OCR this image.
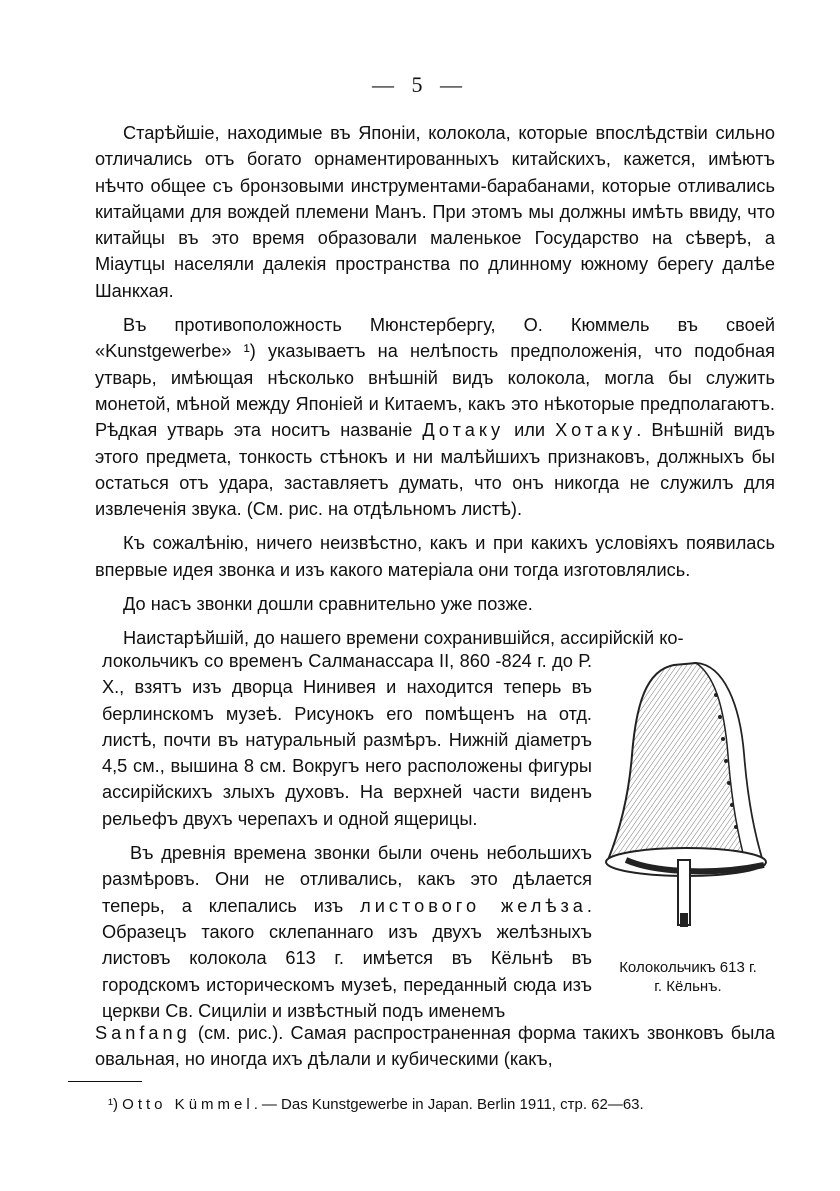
— 5 —

Старѣйшіе, находимые въ Японіи, колокола, которые впослѣдствіи сильно отличались отъ богато орнаментированныхъ китайскихъ, кажется, имѣютъ нѣчто общее съ бронзовыми инструментами-барабанами, которые отливались китайцами для вождей племени Манъ. При этомъ мы должны имѣть ввиду, что китайцы въ это время образовали маленькое Государство на сѣверѣ, а Міаутцы населяли далекія пространства по длинному южному берегу далѣе Шанкхая.

Въ противоположность Мюнстербергу, О. Кюммель въ своей «Kunstgewerbe» ¹) указываетъ на нелѣпость предположенія, что подобная утварь, имѣющая нѣсколько внѣшній видъ колокола, могла бы служить монетой, мѣной между Японіей и Китаемъ, какъ это нѣкоторые предполагаютъ. Рѣдкая утварь эта носитъ названіе Дотаку или Хотаку. Внѣшній видъ этого предмета, тонкость стѣнокъ и ни малѣйшихъ признаковъ, должныхъ бы остаться отъ удара, заставляетъ думать, что онъ никогда не служилъ для извлеченія звука. (См. рис. на отдѣльномъ листѣ).

Къ сожалѣнію, ничего неизвѣстно, какъ и при какихъ условіяхъ появилась впервые идея звонка и изъ какого матеріала они тогда изготовлялись.

До насъ звонки дошли сравнительно уже позже.

Наистарѣйшій, до нашего времени сохранившійся, ассирійскій ко-

локольчикъ со временъ Салманассара II, 860 -824 г. до Р. Х., взятъ изъ дворца Нинивея и находится теперь въ берлинскомъ музеѣ. Рисунокъ его помѣщенъ на отд. листѣ, почти въ натуральный размѣръ. Нижній діаметръ 4,5 см., вышина 8 см. Вокругъ него расположены фигуры ассирійскихъ злыхъ духовъ. На верхней части виденъ рельефъ двухъ черепахъ и одной ящерицы.

Въ древнія времена звонки были очень небольшихъ размѣровъ. Они не отливались, какъ это дѣлается теперь, а клепались изъ листового желѣза. Образецъ такого склепаннаго изъ двухъ желѣзныхъ листовъ колокола 613 г. имѣется въ Кёльнѣ въ городскомъ историческомъ музеѣ, переданный сюда изъ церкви Св. Сициліи и извѣстный подъ именемъ

Sanfang (см. рис.). Самая распространенная форма такихъ звонковъ была овальная, но иногда ихъ дѣлали и кубическими (какъ,

Колокольчикъ 613 г.
г. Кёльнъ.
¹) Otto Kümmel.— Das Kunstgewerbe in Japan. Berlin 1911, стр. 62—63.
